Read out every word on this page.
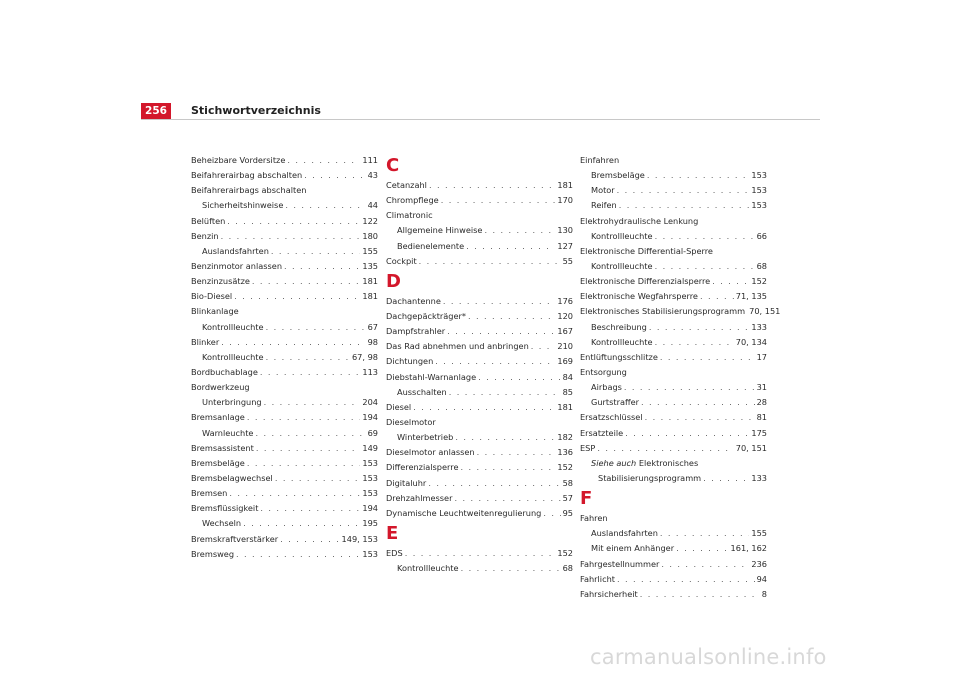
256	Stichwortverzeichnis
Beheizbare Vordersitze . . .	111
Beifahrerairbag abschalten . . .	43
Beifahrerairbags abschalten
Sicherheitshinweise . . .	44
Belüften . . .	122
Benzin . . .	180
Auslandsfahrten . . .	155
Benzinmotor anlassen . . .	135
Benzinzusätze . . .	181
Bio-Diesel . . .	181
Blinkanlage
Kontrollleuchte . . .	67
Blinker . . .	98
Kontrollleuchte . . .	67, 98
Bordbuchablage . . .	113
Bordwerkzeug
Unterbringung . . .	204
Bremsanlage . . .	194
Warnleuchte . . .	69
Bremsassistent . . .	149
Bremsbeläge . . .	153
Bremsbelagwechsel . . .	153
Bremsen . . .	153
Bremsflüssigkeit . . .	194
Wechseln . . .	195
Bremskraftverstärker . . .	149, 153
Bremsweg . . .	153
C
Cetanzahl . . .	181
Chrompflege . . .	170
Climatronic
Allgemeine Hinweise . . .	130
Bedienelemente . . .	127
Cockpit . . .	55
D
Dachantenne . . .	176
Dachgepäckträger* . . .	120
Dampfstrahler . . .	167
Das Rad abnehmen und anbringen . . .	210
Dichtungen . . .	169
Diebstahl-Warnanlage . . .	84
Ausschalten . . .	85
Diesel . . .	181
Dieselmotor
Winterbetrieb . . .	182
Dieselmotor anlassen . . .	136
Differenzialsperre . . .	152
Digitaluhr . . .	58
Drehzahlmesser . . .	57
Dynamische Leuchtweitenregulierung . . .	95
E
EDS . . .	152
Kontrollleuchte . . .	68
Einfahren
Bremsbeläge . . .	153
Motor . . .	153
Reifen . . .	153
Elektrohydraulische Lenkung
Kontrollleuchte . . .	66
Elektronische Differential-Sperre
Kontrollleuchte . . .	68
Elektronische Differenzialsperre . . .	152
Elektronische Wegfahrsperre . . .	71, 135
Elektronisches Stabilisierungsprogramm 70, 151
Beschreibung . . .	133
Kontrollleuchte . . .	70, 134
Entlüftungsschlitze . . .	17
Entsorgung
Airbags . . .	31
Gurtstraffer . . .	28
Ersatzschlüssel . . .	81
Ersatzteile . . .	175
ESP . . .	70, 151
Siehe auch Elektronisches
Stabilisierungsprogramm . . .	133
F
Fahren
Auslandsfahrten . . .	155
Mit einem Anhänger . . .	161, 162
Fahrgestellnummer . . .	236
Fahrlicht . . .	94
Fahrsicherheit . . .	8
carmanualsonline.info
